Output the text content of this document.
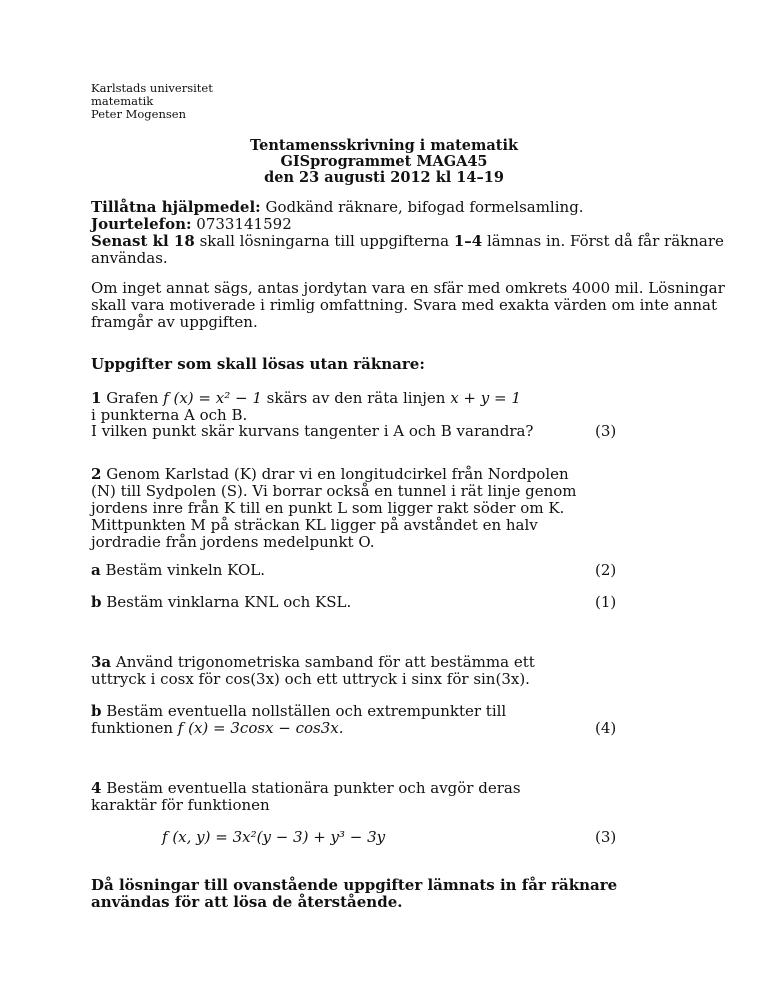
Karlstads universitet
matematik
Peter Mogensen
Tentamensskrivning i matematik
GISprogrammet MAGA45
den 23 augusti 2012 kl 14–19
Tillåtna hjälpmedel: Godkänd räknare, bifogad formelsamling.
Jourtelefon: 0733141592
Senast kl 18 skall lösningarna till uppgifterna 1–4 lämnas in. Först då får räknare
användas.
Om inget annat sägs, antas jordytan vara en sfär med omkrets 4000 mil. Lösningar
skall vara motiverade i rimlig omfattning. Svara med exakta värden om inte annat
framgår av uppgiften.
Uppgifter som skall lösas utan räknare:
1 Grafen f (x) = x² − 1 skärs av den räta linjen x + y = 1
i punkterna A och B.
I vilken punkt skär kurvans tangenter i A och B varandra?	(3)
2 Genom Karlstad (K) drar vi en longitudcirkel från Nordpolen
(N) till Sydpolen (S). Vi borrar också en tunnel i rät linje genom
jordens inre från K till en punkt L som ligger rakt söder om K.
Mittpunkten M på sträckan KL ligger på avståndet en halv
jordradie från jordens medelpunkt O.
a Bestäm vinkeln KOL.	(2)
b Bestäm vinklarna KNL och KSL.	(1)
3a Använd trigonometriska samband för att bestämma ett
uttryck i cosx för cos(3x) och ett uttryck i sinx för sin(3x).
b Bestäm eventuella nollställen och extrempunkter till
funktionen f (x) = 3cosx − cos3x.	(4)
4 Bestäm eventuella stationära punkter och avgör deras
karaktär för funktionen
f (x, y) = 3x²(y − 3) + y³ − 3y	(3)
Då lösningar till ovanstående uppgifter lämnats in får räknare
användas för att lösa de återstående.
